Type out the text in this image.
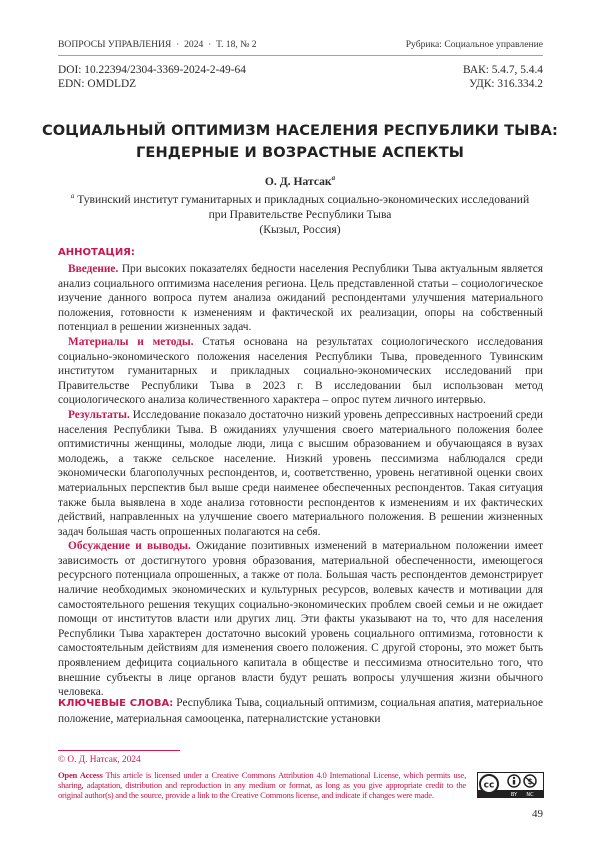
ВОПРОСЫ УПРАВЛЕНИЯ  ·  2024  ·  Т. 18, № 2	Рубрика: Социальное управление
DOI: 10.22394/2304-3369-2024-2-49-64	ВАК: 5.4.7, 5.4.4
EDN: OMDLDZ	УДК: 316.334.2
СОЦИАЛЬНЫЙ ОПТИМИЗМ НАСЕЛЕНИЯ РЕСПУБЛИКИ ТЫВА:
ГЕНДЕРНЫЕ И ВОЗРАСТНЫЕ АСПЕКТЫ
О. Д. Натсакa
a Тувинский институт гуманитарных и прикладных социально-экономических исследований
при Правительстве Республики Тыва
(Кызыл, Россия)
АННОТАЦИЯ:

Введение. При высоких показателях бедности населения Республики Тыва актуальным является анализ социального оптимизма населения региона. Цель представленной статьи – социологическое изучение данного вопроса путем анализа ожиданий респондентами улучшения материального положения, готовности к изменениям и фактической их реализации, опоры на собственный потенциал в решении жизненных задач.

Материалы и методы. Статья основана на результатах социологического исследования социально-экономического положения населения Республики Тыва, проведенного Тувинским институтом гуманитарных и прикладных социально-экономических исследований при Правительстве Республики Тыва в 2023 г. В исследовании был использован метод социологического анализа количественного характера – опрос путем личного интервью.

Результаты. Исследование показало достаточно низкий уровень депрессивных настроений среди населения Республики Тыва. В ожиданиях улучшения своего материального положения более оптимистичны женщины, молодые люди, лица с высшим образованием и обучающаяся в вузах молодежь, а также сельское население. Низкий уровень пессимизма наблюдался среди экономически благополучных респондентов, и, соответственно, уровень негативной оценки своих материальных перспектив был выше среди наименее обеспеченных респондентов. Такая ситуация также была выявлена в ходе анализа готовности респондентов к изменениям и их фактических действий, направленных на улучшение своего материального положения. В решении жизненных задач большая часть опрошенных полагаются на себя.

Обсуждение и выводы. Ожидание позитивных изменений в материальном положении имеет зависимость от достигнутого уровня образования, материальной обеспеченности, имеющегося ресурсного потенциала опрошенных, а также от пола. Большая часть респондентов демонстрирует наличие необходимых экономических и культурных ресурсов, волевых качеств и мотивации для самостоятельного решения текущих социально-экономических проблем своей семьи и не ожидает помощи от институтов власти или других лиц. Эти факты указывают на то, что для населения Республики Тыва характерен достаточно высокий уровень социального оптимизма, готовности к самостоятельным действиям для изменения своего положения. С другой стороны, это может быть проявлением дефицита социального капитала в обществе и пессимизма относительно того, что внешние субъекты в лице органов власти будут решать вопросы улучшения жизни обычного человека.

КЛЮЧЕВЫЕ СЛОВА: Республика Тыва, социальный оптимизм, социальная апатия, материальное положение, материальная самооценка, патерналистские установки
© О. Д. Натсак, 2024
Open Access This article is licensed under a Creative Commons Attribution 4.0 International License, which permits use, sharing, adaptation, distribution and reproduction in any medium or format, as long as you give appropriate credit to the original author(s) and the source, provide a link to the Creative Commons license, and indicate if changes were made.
cc
BY NC
49
